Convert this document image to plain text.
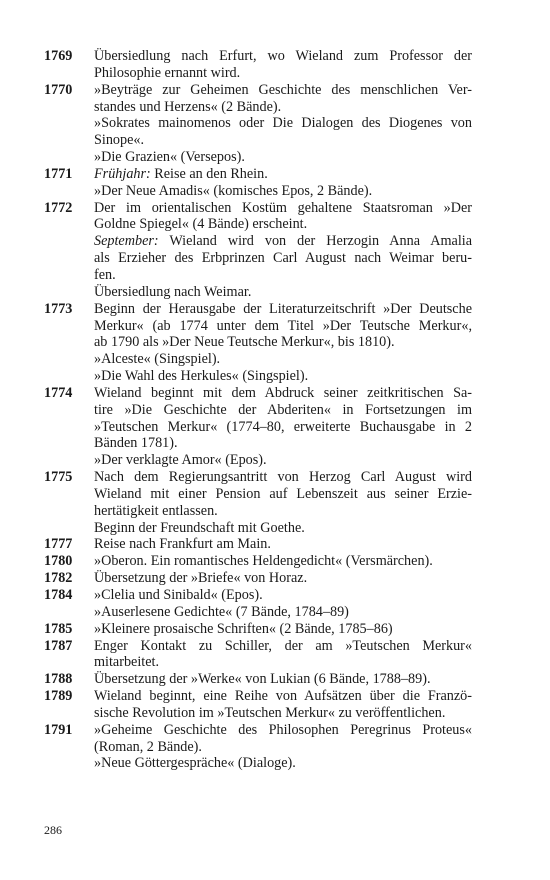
1769	Übersiedlung nach Erfurt, wo Wieland zum Professor der
Philosophie ernannt wird.
1770	»Beyträge zur Geheimen Geschichte des menschlichen Ver-
standes und Herzens« (2 Bände).
»Sokrates mainomenos oder Die Dialogen des Diogenes von
Sinope«.
»Die Grazien« (Versepos).
1771	Frühjahr: Reise an den Rhein.
»Der Neue Amadis« (komisches Epos, 2 Bände).
1772	Der im orientalischen Kostüm gehaltene Staatsroman »Der
Goldne Spiegel« (4 Bände) erscheint.
September: Wieland wird von der Herzogin Anna Amalia
als Erzieher des Erbprinzen Carl August nach Weimar beru-
fen.
Übersiedlung nach Weimar.
1773	Beginn der Herausgabe der Literaturzeitschrift »Der Deutsche
Merkur« (ab 1774 unter dem Titel »Der Teutsche Merkur«,
ab 1790 als »Der Neue Teutsche Merkur«, bis 1810).
»Alceste« (Singspiel).
»Die Wahl des Herkules« (Singspiel).
1774	Wieland beginnt mit dem Abdruck seiner zeitkritischen Sa-
tire »Die Geschichte der Abderiten« in Fortsetzungen im
»Teutschen Merkur« (1774–80, erweiterte Buchausgabe in 2
Bänden 1781).
»Der verklagte Amor« (Epos).
1775	Nach dem Regierungsantritt von Herzog Carl August wird
Wieland mit einer Pension auf Lebenszeit aus seiner Erzie-
hertätigkeit entlassen.
Beginn der Freundschaft mit Goethe.
1777	Reise nach Frankfurt am Main.
1780	»Oberon. Ein romantisches Heldengedicht« (Versmärchen).
1782	Übersetzung der »Briefe« von Horaz.
1784	»Clelia und Sinibald« (Epos).
»Auserlesene Gedichte« (7 Bände, 1784–89)
1785	»Kleinere prosaische Schriften« (2 Bände, 1785–86)
1787	Enger Kontakt zu Schiller, der am »Teutschen Merkur«
mitarbeitet.
1788	Übersetzung der »Werke« von Lukian (6 Bände, 1788–89).
1789	Wieland beginnt, eine Reihe von Aufsätzen über die Franzö-
sische Revolution im »Teutschen Merkur« zu veröffentlichen.
1791	»Geheime Geschichte des Philosophen Peregrinus Proteus«
(Roman, 2 Bände).
»Neue Göttergespräche« (Dialoge).
286
